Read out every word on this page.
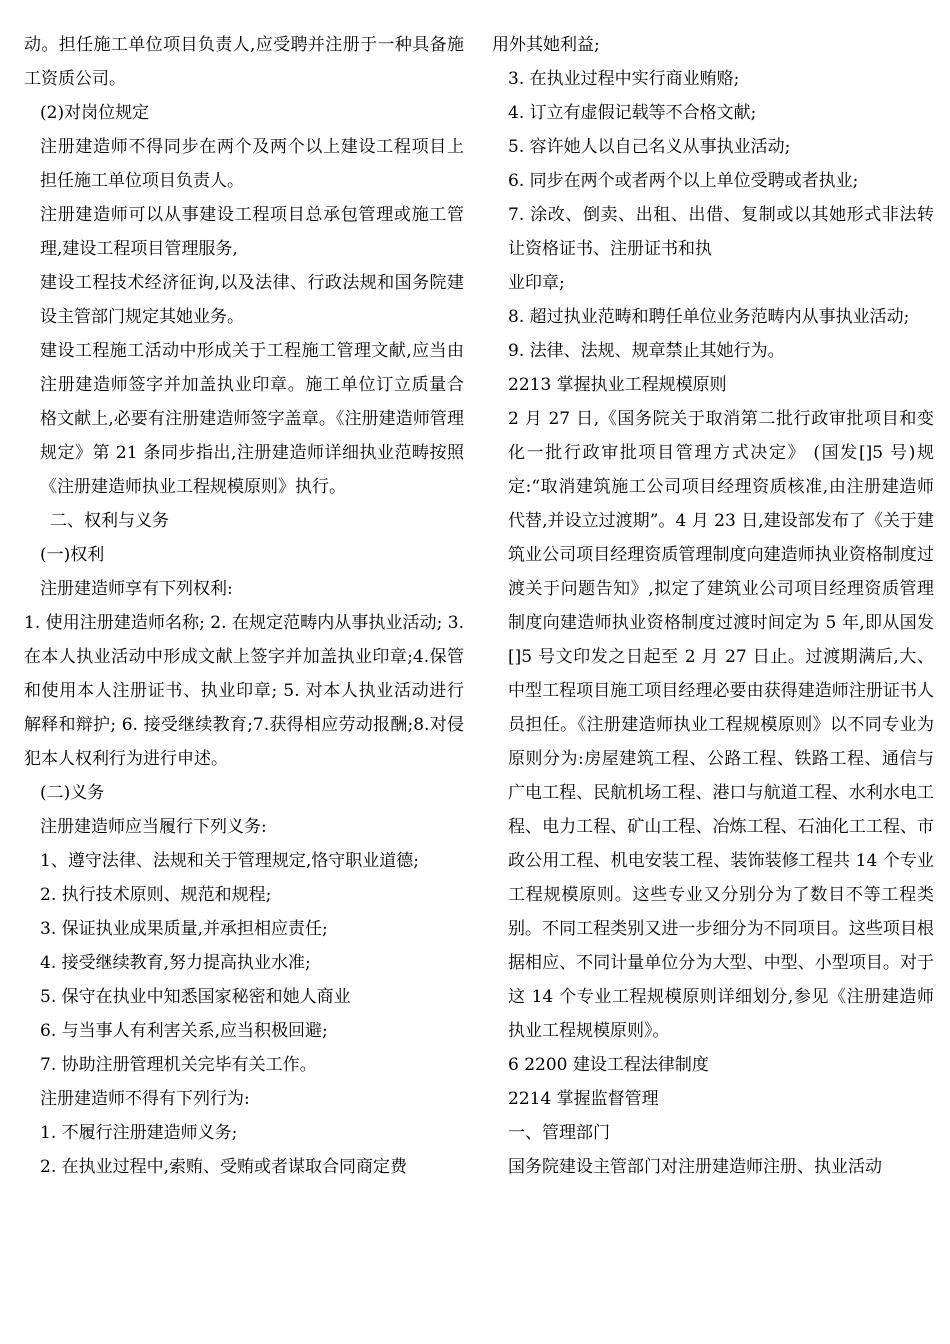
动。担任施工单位项目负责人,应受聘并注册于一种具备施工资质公司。

(2)对岗位规定

注册建造师不得同步在两个及两个以上建设工程项目上担任施工单位项目负责人。

注册建造师可以从事建设工程项目总承包管理或施工管理,建设工程项目管理服务,

建设工程技术经济征询,以及法律、行政法规和国务院建设主管部门规定其她业务。

建设工程施工活动中形成关于工程施工管理文献,应当由注册建造师签字并加盖执业印章。施工单位订立质量合格文献上,必要有注册建造师签字盖章。《注册建造师管理规定》第 21 条同步指出,注册建造师详细执业范畴按照《注册建造师执业工程规模原则》执行。

二、权利与义务

(一)权利

注册建造师享有下列权利:

1. 使用注册建造师名称; 2. 在规定范畴内从事执业活动; 3.在本人执业活动中形成文献上签字并加盖执业印章;4.保管和使用本人注册证书、执业印章; 5. 对本人执业活动进行解释和辩护; 6. 接受继续教育;7.获得相应劳动报酬;8.对侵犯本人权利行为进行申述。

(二)义务

注册建造师应当履行下列义务:

1、遵守法律、法规和关于管理规定,恪守职业道德;

2. 执行技术原则、规范和规程;

3. 保证执业成果质量,并承担相应责任;

4. 接受继续教育,努力提高执业水准;

5. 保守在执业中知悉国家秘密和她人商业

6. 与当事人有利害关系,应当积极回避;

7. 协助注册管理机关完毕有关工作。

注册建造师不得有下列行为:

1. 不履行注册建造师义务;

2. 在执业过程中,索贿、受贿或者谋取合同商定费

用外其她利益;

3. 在执业过程中实行商业贿赂;

4. 订立有虚假记载等不合格文献;

5. 容许她人以自己名义从事执业活动;

6. 同步在两个或者两个以上单位受聘或者执业;

7. 涂改、倒卖、出租、出借、复制或以其她形式非法转让资格证书、注册证书和执

业印章;

8. 超过执业范畴和聘任单位业务范畴内从事执业活动;

9. 法律、法规、规章禁止其她行为。

2213 掌握执业工程规模原则

2 月 27 日,《国务院关于取消第二批行政审批项目和变化一批行政审批项目管理方式决定》 (国发[]5 号)规定:“取消建筑施工公司项目经理资质核准,由注册建造师代替,并设立过渡期”。4 月 23 日,建设部发布了《关于建筑业公司项目经理资质管理制度向建造师执业资格制度过渡关于问题告知》,拟定了建筑业公司项目经理资质管理制度向建造师执业资格制度过渡时间定为 5 年,即从国发[]5 号文印发之日起至 2 月 27 日止。过渡期满后,大、中型工程项目施工项目经理必要由获得建造师注册证书人员担任。《注册建造师执业工程规模原则》以不同专业为原则分为:房屋建筑工程、公路工程、铁路工程、通信与广电工程、民航机场工程、港口与航道工程、水利水电工程、电力工程、矿山工程、冶炼工程、石油化工工程、市政公用工程、机电安装工程、装饰装修工程共 14 个专业工程规模原则。这些专业又分别分为了数目不等工程类别。不同工程类别又进一步细分为不同项目。这些项目根据相应、不同计量单位分为大型、中型、小型项目。对于这 14 个专业工程规模原则详细划分,参见《注册建造师执业工程规模原则》。

6 2200 建设工程法律制度

2214 掌握监督管理

一、管理部门

国务院建设主管部门对注册建造师注册、执业活动
